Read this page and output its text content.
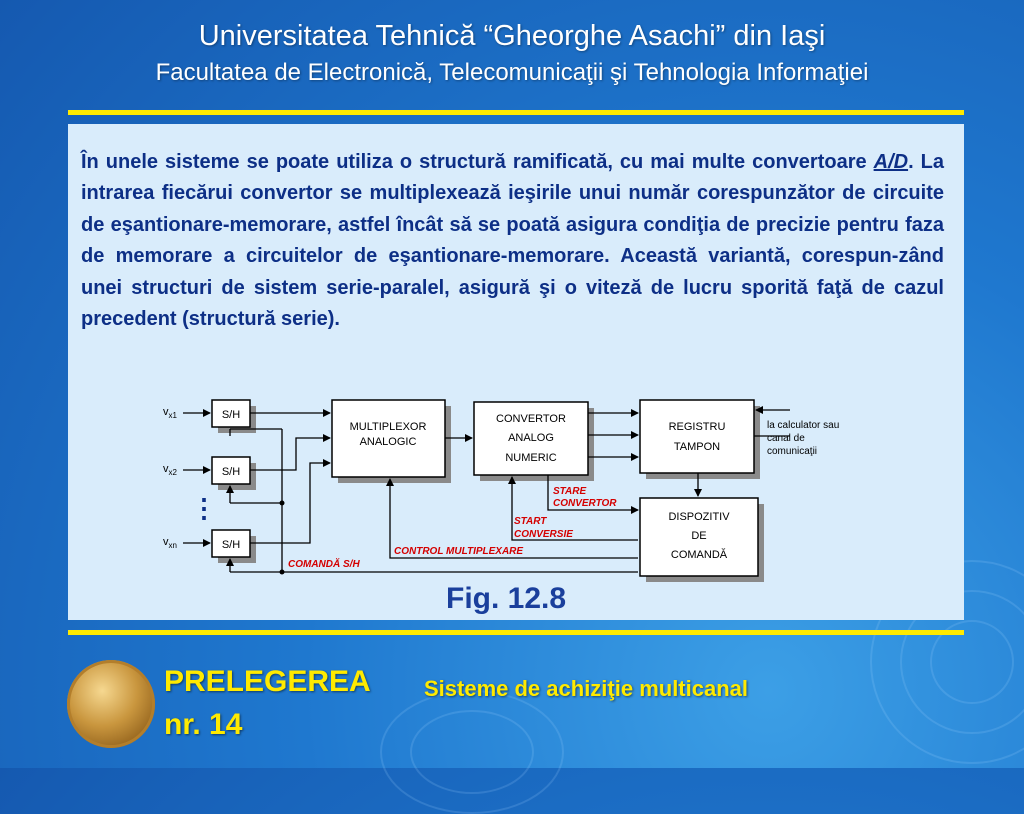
Universitatea Tehnică “Gheorghe Asachi” din Iaşi
Facultatea de Electronică, Telecomunicaţii şi Tehnologia Informaţiei
În unele sisteme se poate utiliza o structură ramificată, cu mai multe convertoare A/D. La intrarea fiecărui convertor se multiplexează ieşirile unui număr corespunzător de circuite de eşantionare-memorare, astfel încât să se poată asigura condiţia de precizie pentru faza de memorare a circuitelor de eşantionare-memorare. Această variantă, corespun-zând unei structuri de sistem serie-paralel, asigură şi o viteză de lucru sporită faţă de cazul precedent (structură serie).
$v_{x1}$
$v_{x2}$
$v_{xn}$
⋮
S/H
S/H
S/H
MULTIPLEXOR
ANALOGIC
CONVERTOR
ANALOG
NUMERIC
REGISTRU
TAMPON
DISPOZITIV
DE
COMANDĂ
la calculator sau
canal de
comunicaţii
STARE
CONVERTOR
START
CONVERSIE
CONTROL MULTIPLEXARE
COMANDĂ S/H
Fig. 12.8
PRELEGEREA Sisteme de achiziţie multicanal
nr. 14
